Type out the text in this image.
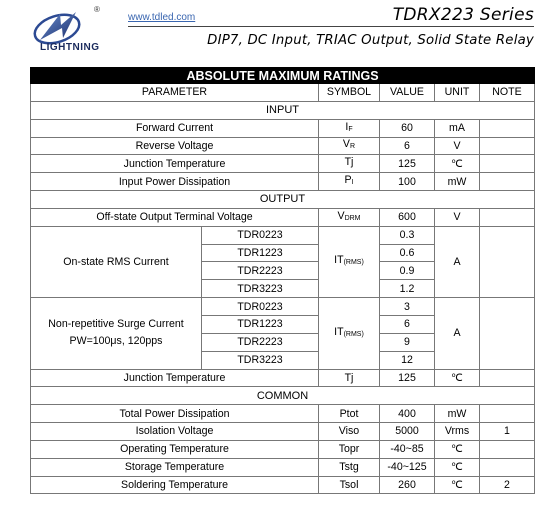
®
LIGHTNING
www.tdled.com	TDRX223 Series
DIP7, DC Input, TRIAC Output, Solid State Relay
ABSOLUTE MAXIMUM RATINGS					
PARAMETER		SYMBOL	VALUE	UNIT	NOTE
INPUT					
Forward Current		$I_F$	60	mA	
Reverse Voltage		$V_R$	6	V	
Junction Temperature		Tj	125	℃	
Input Power Dissipation		$P_I$	100	mW	
OUTPUT					
Off-state Output Terminal Voltage		$V_{DRM}$	600	V	
On-state RMS Current	TDR0223	$IT_{(RMS)}$	0.3	A	
	TDR1223		0.6		
	TDR2223		0.9		
	TDR3223		1.2		
Non-repetitive Surge Current
PW=100μs, 120pps	TDR0223	$IT_{(RMS)}$	3	A	
	TDR1223		6		
	TDR2223		9		
	TDR3223		12		
Junction Temperature		Tj	125	℃	
COMMON					
Total Power Dissipation		Ptot	400	mW	
Isolation Voltage		Viso	5000	Vrms	1
Operating Temperature		Topr	-40~85	℃	
Storage Temperature		Tstg	-40~125	℃	
Soldering Temperature		Tsol	260	℃	2
